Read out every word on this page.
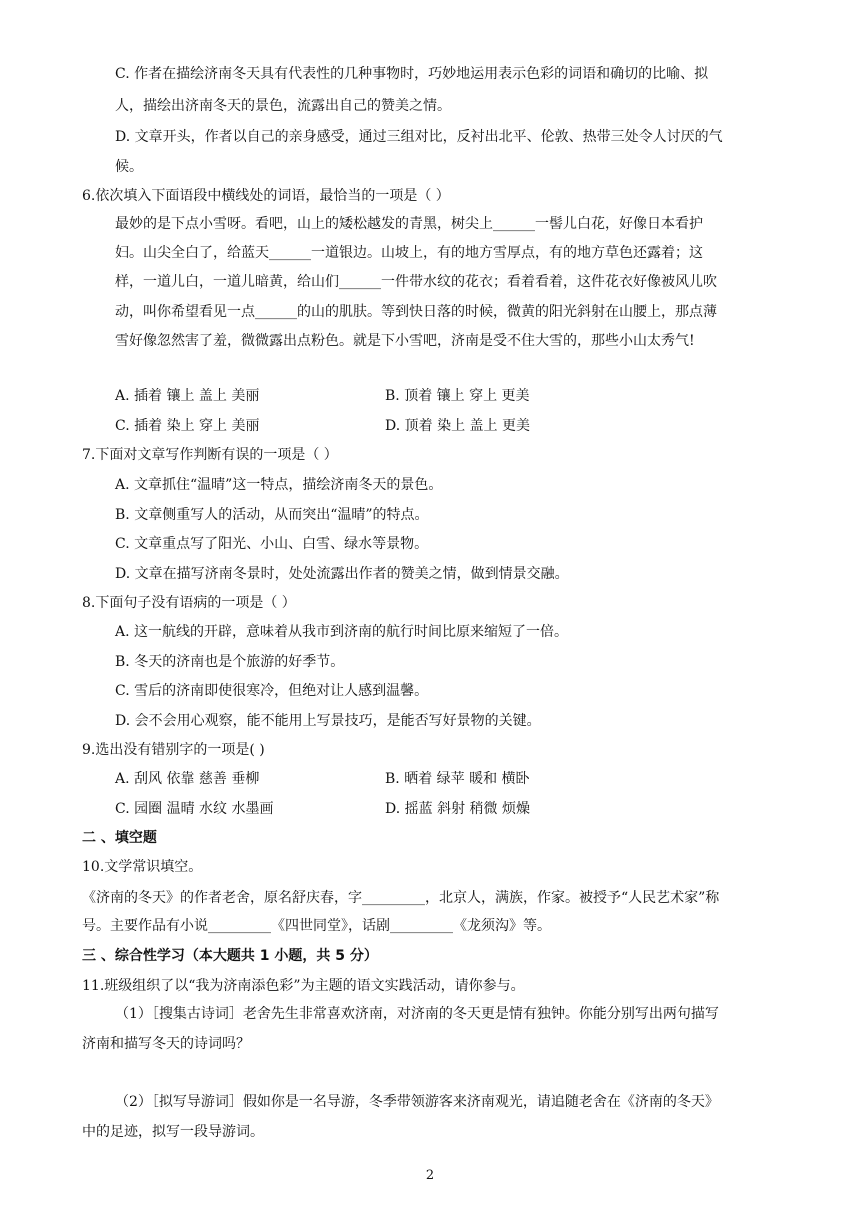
C. 作者在描绘济南冬天具有代表性的几种事物时，巧妙地运用表示色彩的词语和确切的比喻、拟
人，描绘出济南冬天的景色，流露出自己的赞美之情。
D. 文章开头，作者以自己的亲身感受，通过三组对比，反衬出北平、伦敦、热带三处令人讨厌的气
候。
6.依次填入下面语段中横线处的词语，最恰当的一项是（ ）
最妙的是下点小雪呀。看吧，山上的矮松越发的青黑，树尖上______一髻儿白花，好像日本看护
妇。山尖全白了，给蓝天______一道银边。山坡上，有的地方雪厚点，有的地方草色还露着；这
样，一道儿白，一道儿暗黄，给山们______一件带水纹的花衣；看着看着，这件花衣好像被风儿吹
动，叫你希望看见一点______的山的肌肤。等到快日落的时候，微黄的阳光斜射在山腰上，那点薄
雪好像忽然害了羞，微微露出点粉色。就是下小雪吧，济南是受不住大雪的，那些小山太秀气!
A. 插着 镶上 盖上 美丽	B. 顶着 镶上 穿上 更美
C. 插着 染上 穿上 美丽	D. 顶着 染上 盖上 更美
7.下面对文章写作判断有误的一项是（ ）
A. 文章抓住“温晴”这一特点，描绘济南冬天的景色。
B. 文章侧重写人的活动，从而突出“温晴”的特点。
C. 文章重点写了阳光、小山、白雪、绿水等景物。
D. 文章在描写济南冬景时，处处流露出作者的赞美之情，做到情景交融。
8.下面句子没有语病的一项是（ ）
A. 这一航线的开辟，意味着从我市到济南的航行时间比原来缩短了一倍。
B. 冬天的济南也是个旅游的好季节。
C. 雪后的济南即使很寒冷，但绝对让人感到温馨。
D. 会不会用心观察，能不能用上写景技巧，是能否写好景物的关键。
9.选出没有错别字的一项是( )
A. 刮风 依靠 慈善 垂柳	B. 晒着 绿苹 暖和 横卧
C. 园圈 温晴 水纹 水墨画	D. 摇蓝 斜射 稍微 烦燥
二 、填空题
10.文学常识填空。
《济南的冬天》的作者老舍，原名舒庆春，字_________，北京人，满族，作家。被授予“人民艺术家”称
号。主要作品有小说_________《四世同堂》，话剧_________《龙须沟》等。
三 、综合性学习（本大题共 1 小题，共 5 分）
11.班级组织了以“我为济南添色彩”为主题的语文实践活动，请你参与。
（1）［搜集古诗词］老舍先生非常喜欢济南，对济南的冬天更是情有独钟。你能分别写出两句描写
济南和描写冬天的诗词吗？
（2）［拟写导游词］假如你是一名导游，冬季带领游客来济南观光，请追随老舍在《济南的冬天》
中的足迹，拟写一段导游词。
2
